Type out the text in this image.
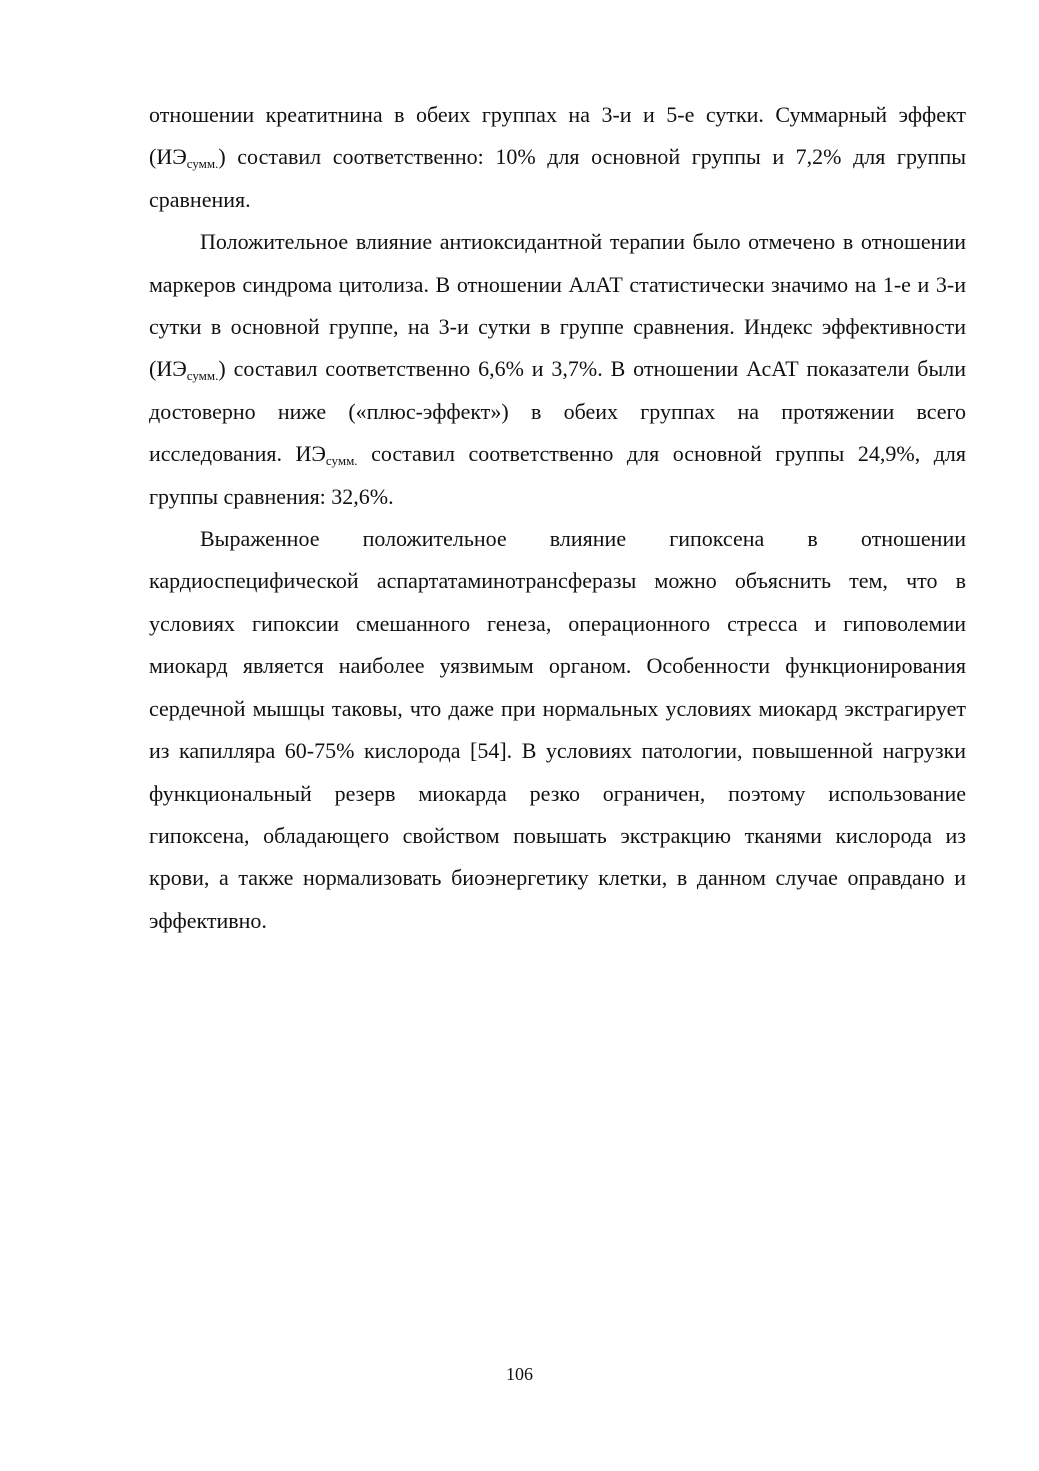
отношении креатитнина в обеих группах на 3-и и 5-е сутки. Суммарный эффект $(ИЭ_{сумм.})$ составил соответственно: 10% для основной группы и 7,2% для группы сравнения.

Положительное влияние антиоксидантной терапии было отмечено в отношении маркеров синдрома цитолиза. В отношении АлАТ статистически значимо на 1-е и 3-и сутки в основной группе, на 3-и сутки в группе сравнения. Индекс эффективности $(ИЭ_{сумм.})$ составил соответственно 6,6% и 3,7%. В отношении АсАТ показатели были достоверно ниже («плюс-эффект») в обеих группах на протяжении всего исследования. $ИЭ_{сумм.}$ составил соответственно для основной группы 24,9%, для группы сравнения: 32,6%.

Выраженное положительное влияние гипоксена в отношении кардиоспецифической аспартатаминотрансферазы можно объяснить тем, что в условиях гипоксии смешанного генеза, операционного стресса и гиповолемии миокард является наиболее уязвимым органом. Особенности функционирования сердечной мышцы таковы, что даже при нормальных условиях миокард экстрагирует из капилляра 60-75% кислорода [54]. В условиях патологии, повышенной нагрузки функциональный резерв миокарда резко ограничен, поэтому использование гипоксена, обладающего свойством повышать экстракцию тканями кислорода из крови, а также нормализовать биоэнергетику клетки, в данном случае оправдано и эффективно.

106
